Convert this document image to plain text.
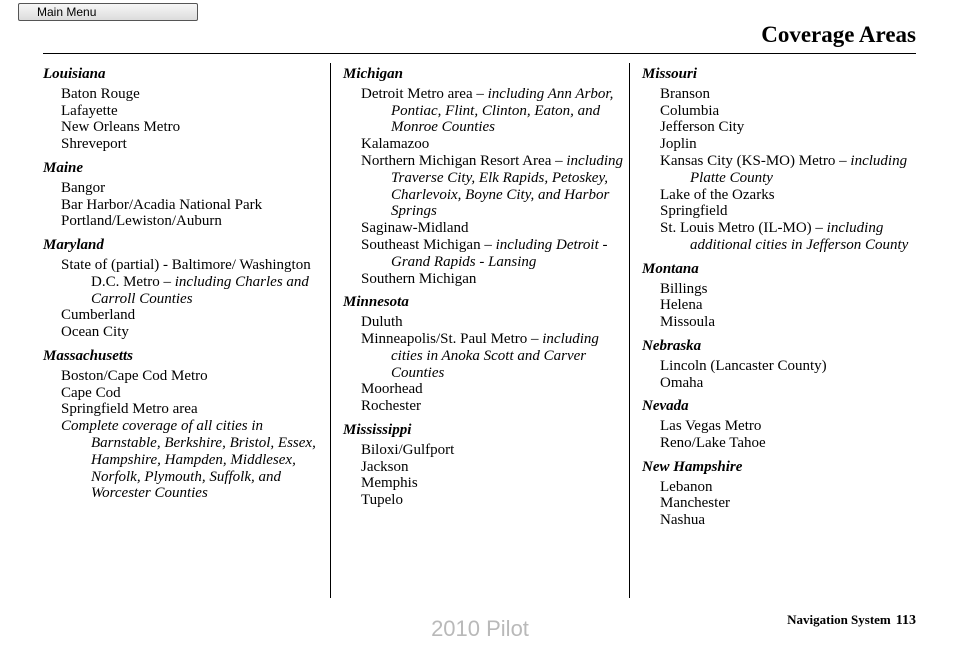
Main Menu
Coverage Areas
Louisiana
Baton Rouge
Lafayette
New Orleans Metro
Shreveport
Maine
Bangor
Bar Harbor/Acadia National Park
Portland/Lewiston/Auburn
Maryland
State of (partial) - Baltimore/ Washington D.C. Metro – including Charles and Carroll Counties
Cumberland
Ocean City
Massachusetts
Boston/Cape Cod Metro
Cape Cod
Springfield Metro area
Complete coverage of all cities in Barnstable, Berkshire, Bristol, Essex, Hampshire, Hampden, Middlesex, Norfolk, Plymouth, Suffolk, and Worcester Counties
Michigan
Detroit Metro area – including Ann Arbor, Pontiac, Flint, Clinton, Eaton, and Monroe Counties
Kalamazoo
Northern Michigan Resort Area – including Traverse City, Elk Rapids, Petoskey, Charlevoix, Boyne City, and Harbor Springs
Saginaw-Midland
Southeast Michigan – including Detroit - Grand Rapids - Lansing
Southern Michigan
Minnesota
Duluth
Minneapolis/St. Paul Metro – including cities in Anoka Scott and Carver Counties
Moorhead
Rochester
Mississippi
Biloxi/Gulfport
Jackson
Memphis
Tupelo
Missouri
Branson
Columbia
Jefferson City
Joplin
Kansas City (KS-MO) Metro – including Platte County
Lake of the Ozarks
Springfield
St. Louis Metro (IL-MO) – including additional cities in Jefferson County
Montana
Billings
Helena
Missoula
Nebraska
Lincoln (Lancaster County)
Omaha
Nevada
Las Vegas Metro
Reno/Lake Tahoe
New Hampshire
Lebanon
Manchester
Nashua
Navigation System 113
2010 Pilot
